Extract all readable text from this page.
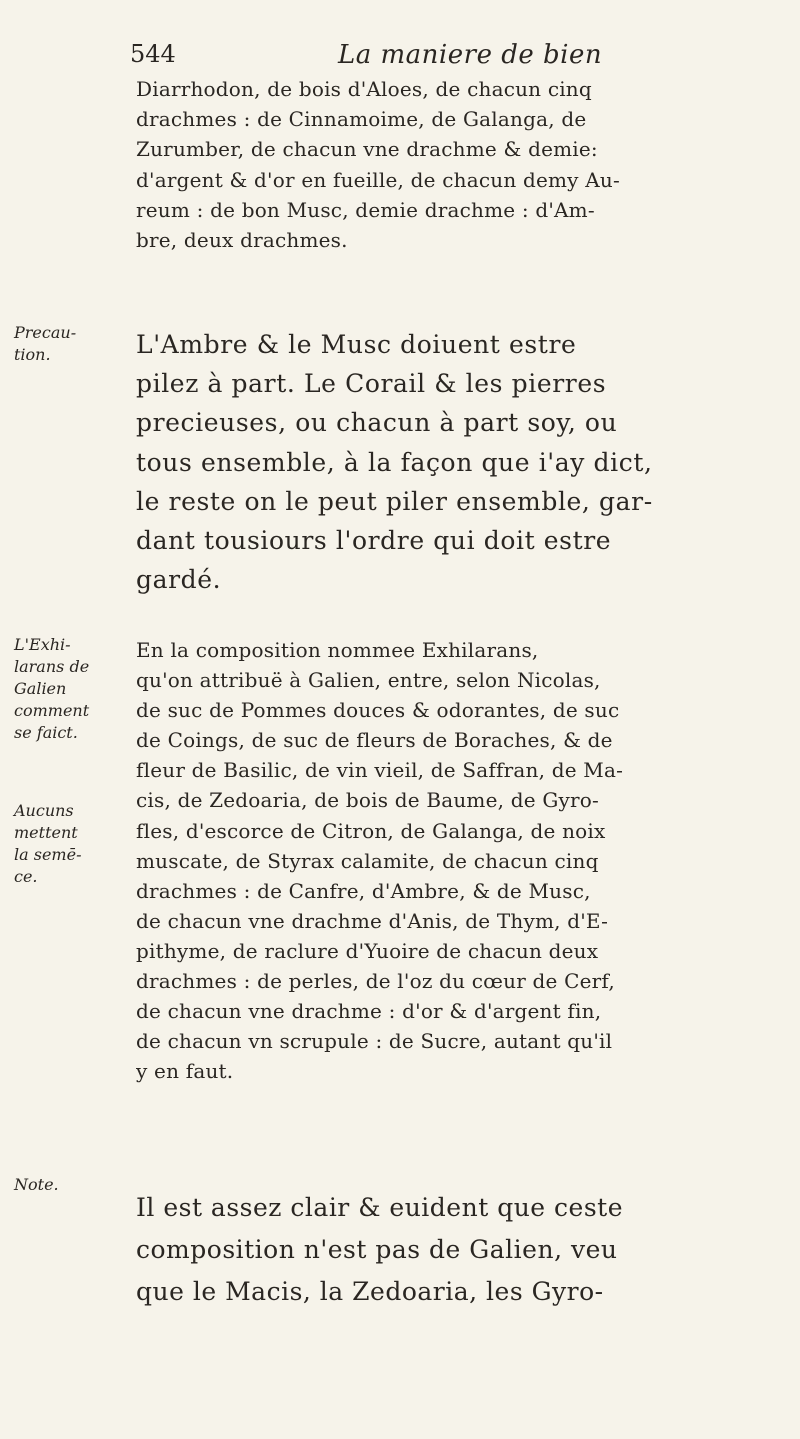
544	La maniere de bien
Diarrhodon, de bois d'Aloes, de chacun cinq
drachmes : de Cinnamoime, de Galanga, de
Zurumber, de chacun vne drachme & demie:
d'argent & d'or en fueille, de chacun demy Au-
reum : de bon Musc, demie drachme : d'Am-
bre, deux drachmes.
L'Ambre & le Musc doiuent estre
pilez à part. Le Corail & les pierres
precieuses, ou chacun à part soy, ou
tous ensemble, à la façon que i'ay dict,
le reste on le peut piler ensemble, gar-
dant tousiours l'ordre qui doit estre
gardé.
En la composition nommee Exhilarans,
qu'on attribuë à Galien, entre, selon Nicolas,
de suc de Pommes douces & odorantes, de suc
de Coings, de suc de fleurs de Boraches, & de
fleur de Basilic, de vin vieil, de Saffran, de Ma-
cis, de Zedoaria, de bois de Baume, de Gyro-
fles, d'escorce de Citron, de Galanga, de noix
muscate, de Styrax calamite, de chacun cinq
drachmes : de Canfre, d'Ambre, & de Musc,
de chacun vne drachme d'Anis, de Thym, d'E-
pithyme, de raclure d'Yuoire de chacun deux
drachmes : de perles, de l'oz du cœur de Cerf,
de chacun vne drachme : d'or & d'argent fin,
de chacun vn scrupule : de Sucre, autant qu'il
y en faut.
Il est assez clair & euident que ceste
composition n'est pas de Galien, veu
que le Macis, la Zedoaria, les Gyro-
Precau-
tion.
L'Exhi-
larans de
Galien
comment
se faict.
Aucuns
mettent
la semē-
ce.
Note.
